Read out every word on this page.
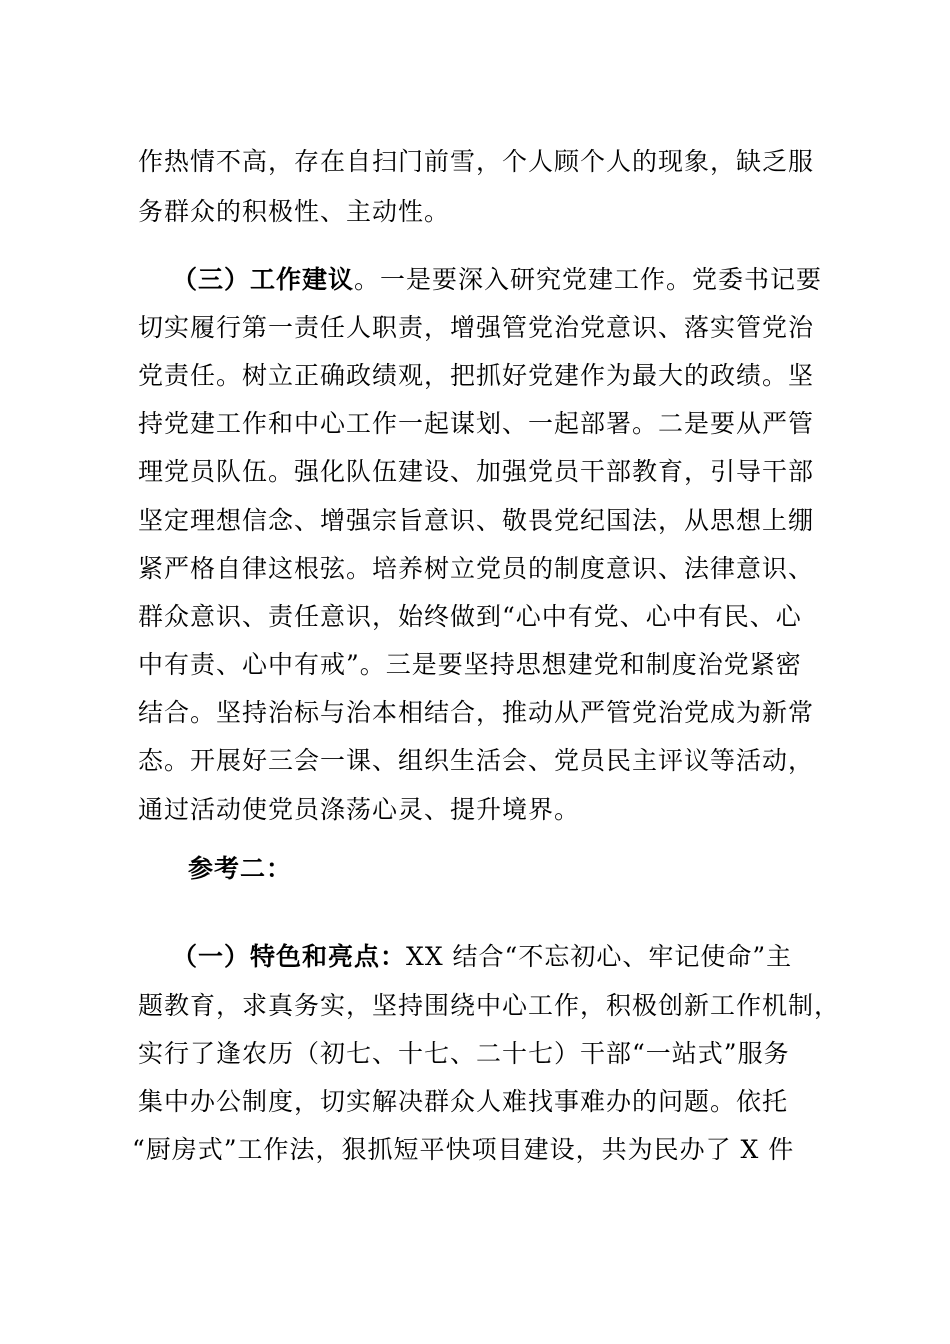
作热情不高，存在自扫门前雪，个人顾个人的现象，缺乏服
务群众的积极性、主动性。
（三）工作建议。一是要深入研究党建工作。党委书记要
切实履行第一责任人职责，增强管党治党意识、落实管党治
党责任。树立正确政绩观，把抓好党建作为最大的政绩。坚
持党建工作和中心工作一起谋划、一起部署。二是要从严管
理党员队伍。强化队伍建设、加强党员干部教育，引导干部
坚定理想信念、增强宗旨意识、敬畏党纪国法，从思想上绷
紧严格自律这根弦。培养树立党员的制度意识、法律意识、
群众意识、责任意识，始终做到“心中有党、心中有民、心
中有责、心中有戒”。三是要坚持思想建党和制度治党紧密
结合。坚持治标与治本相结合，推动从严管党治党成为新常
态。开展好三会一课、组织生活会、党员民主评议等活动，
通过活动使党员涤荡心灵、提升境界。
参考二：
（一）特色和亮点：XX 结合“不忘初心、牢记使命”主
题教育，求真务实，坚持围绕中心工作，积极创新工作机制，
实行了逢农历（初七、十七、二十七）干部“一站式”服务
集中办公制度，切实解决群众人难找事难办的问题。依托
“厨房式”工作法，狠抓短平快项目建设，共为民办了 X 件
